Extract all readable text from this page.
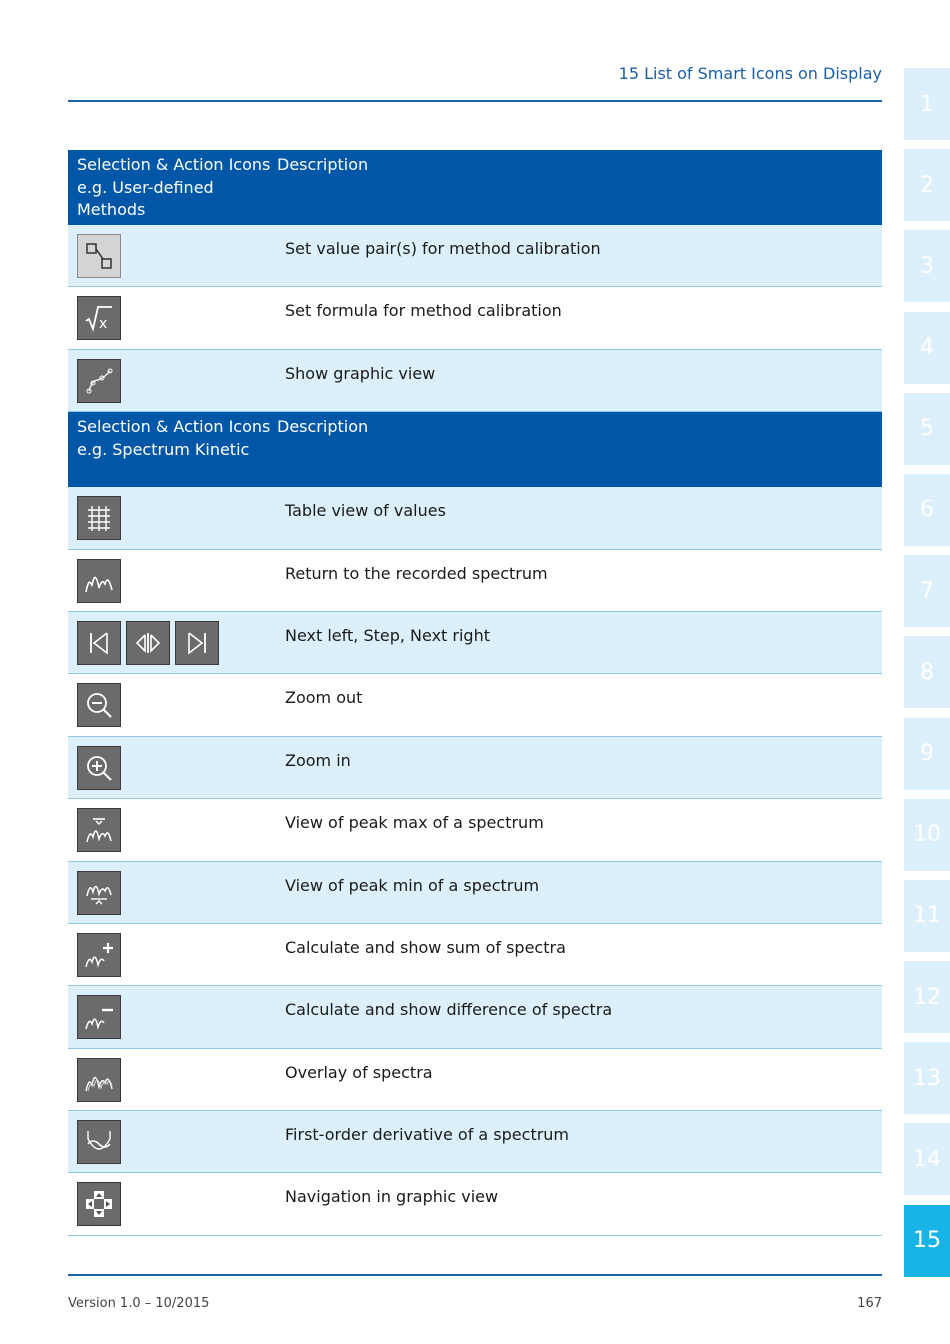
15 List of Smart Icons on Display
Selection & Action Icons e.g. User-defined Methods
Description
Set value pair(s) for method calibration
x
Set formula for method calibration
Show graphic view
Selection & Action Icons e.g. Spectrum Kinetic
Description
Table view of values
Return to the recorded spectrum
Next left, Step, Next right
Zoom out
Zoom in
View of peak max of a spectrum
View of peak min of a spectrum
Calculate and show sum of spectra
Calculate and show difference of spectra
Overlay of spectra
First-order derivative of a spectrum
Navigation in graphic view
1
2
3
4
5
6
7
8
9
10
11
12
13
14
15
Version 1.0 – 10/2015	167
